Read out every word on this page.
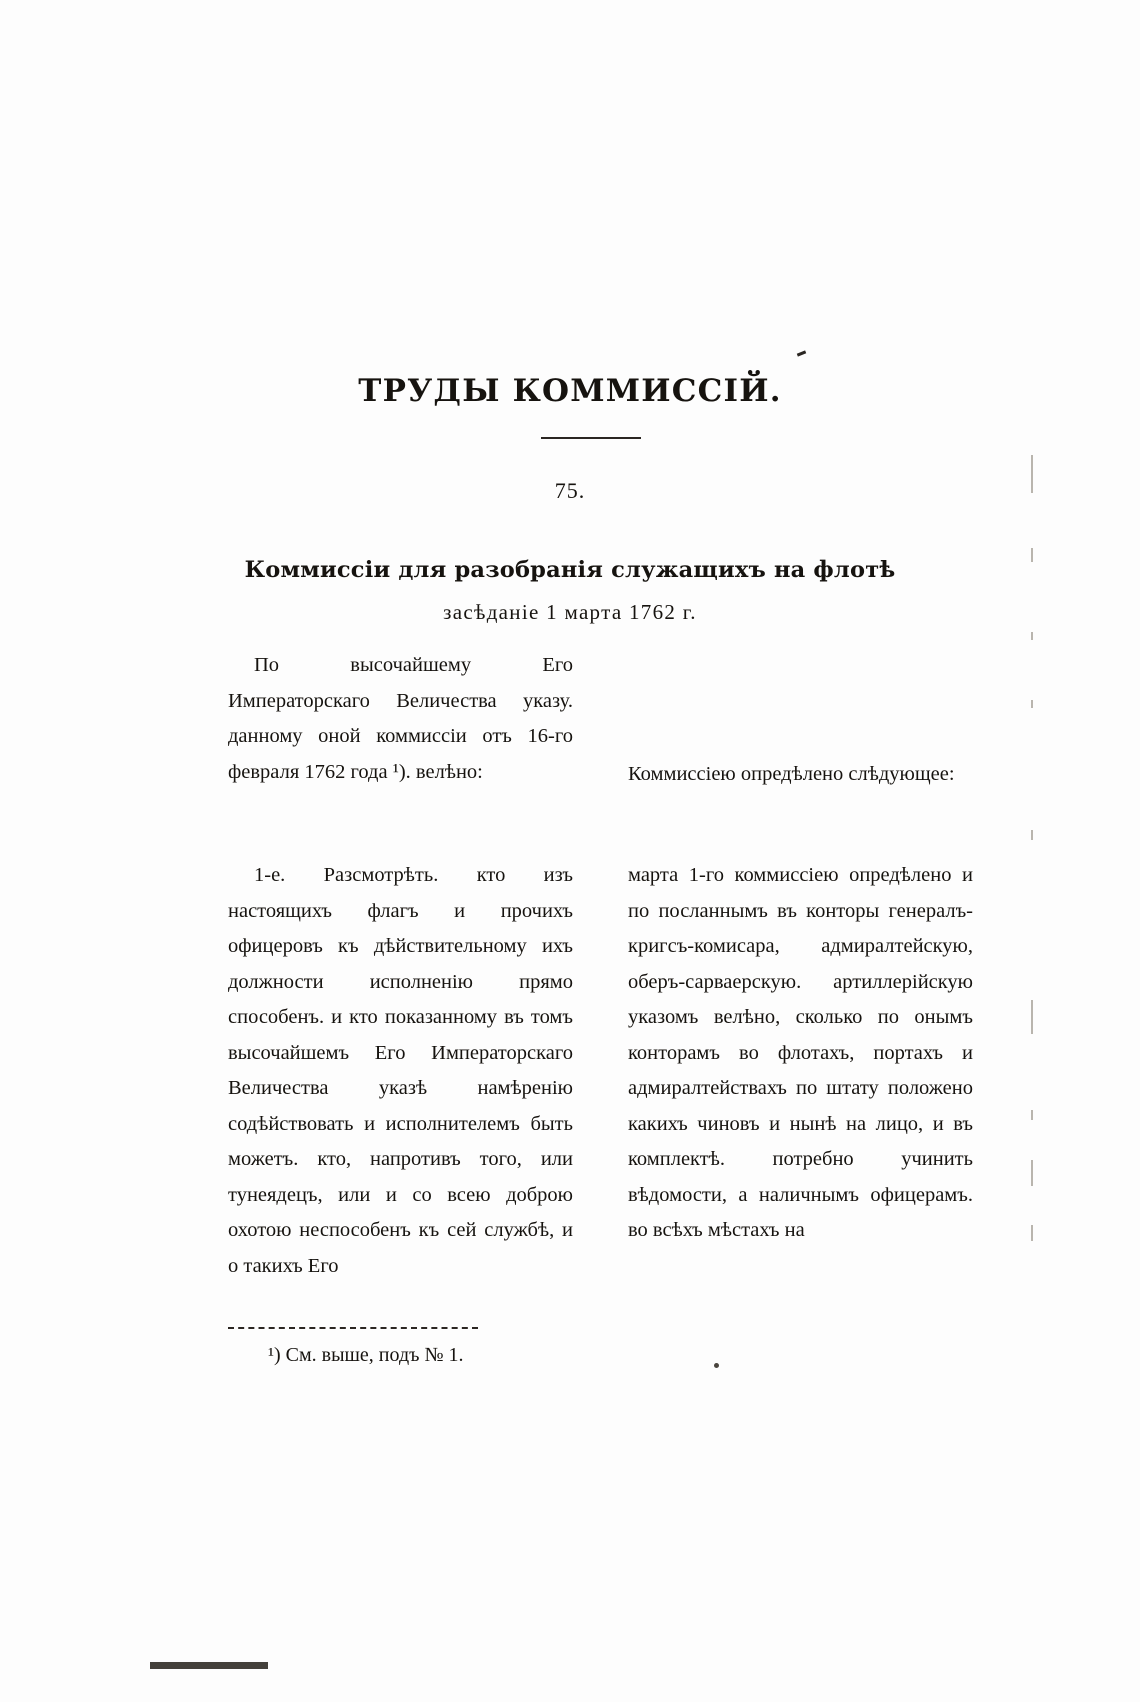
ТРУДЫ КОММИССІЙ.
75.
Коммиссіи для разобранія служащихъ на флотѣ
засѣданіе 1 марта 1762 г.

По высочайшему Его Императорскаго Величества указу. данному оной коммиссіи отъ 16-го февраля 1762 года ¹). велѣно:	Коммиссіею опредѣлено слѣдующее:

1-е. Разсмотрѣть. кто изъ настоящихъ флагъ и прочихъ офицеровъ къ дѣйствительному ихъ должности исполненію прямо способенъ. и кто показанному въ томъ высочайшемъ Его Императорскаго Величества указѣ намѣренію содѣйствовать и исполнителемъ быть можетъ. кто, напротивъ того, или тунеядецъ, или и со всею доброю охотою неспособенъ къ сей службѣ, и о такихъ Его

марта 1-го коммиссіею опредѣлено и по посланнымъ въ конторы генералъ-кригсъ-комисара, адмиралтейскую, оберъ-сарваерскую. артиллерійскую указомъ велѣно, сколько по онымъ конторамъ во флотахъ, портахъ и адмиралтействахъ по штату положено какихъ чиновъ и нынѣ на лицо, и въ комплектѣ. потребно учинить вѣдомости, а наличнымъ офицерамъ. во всѣхъ мѣстахъ на

¹) См. выше, подъ № 1.
